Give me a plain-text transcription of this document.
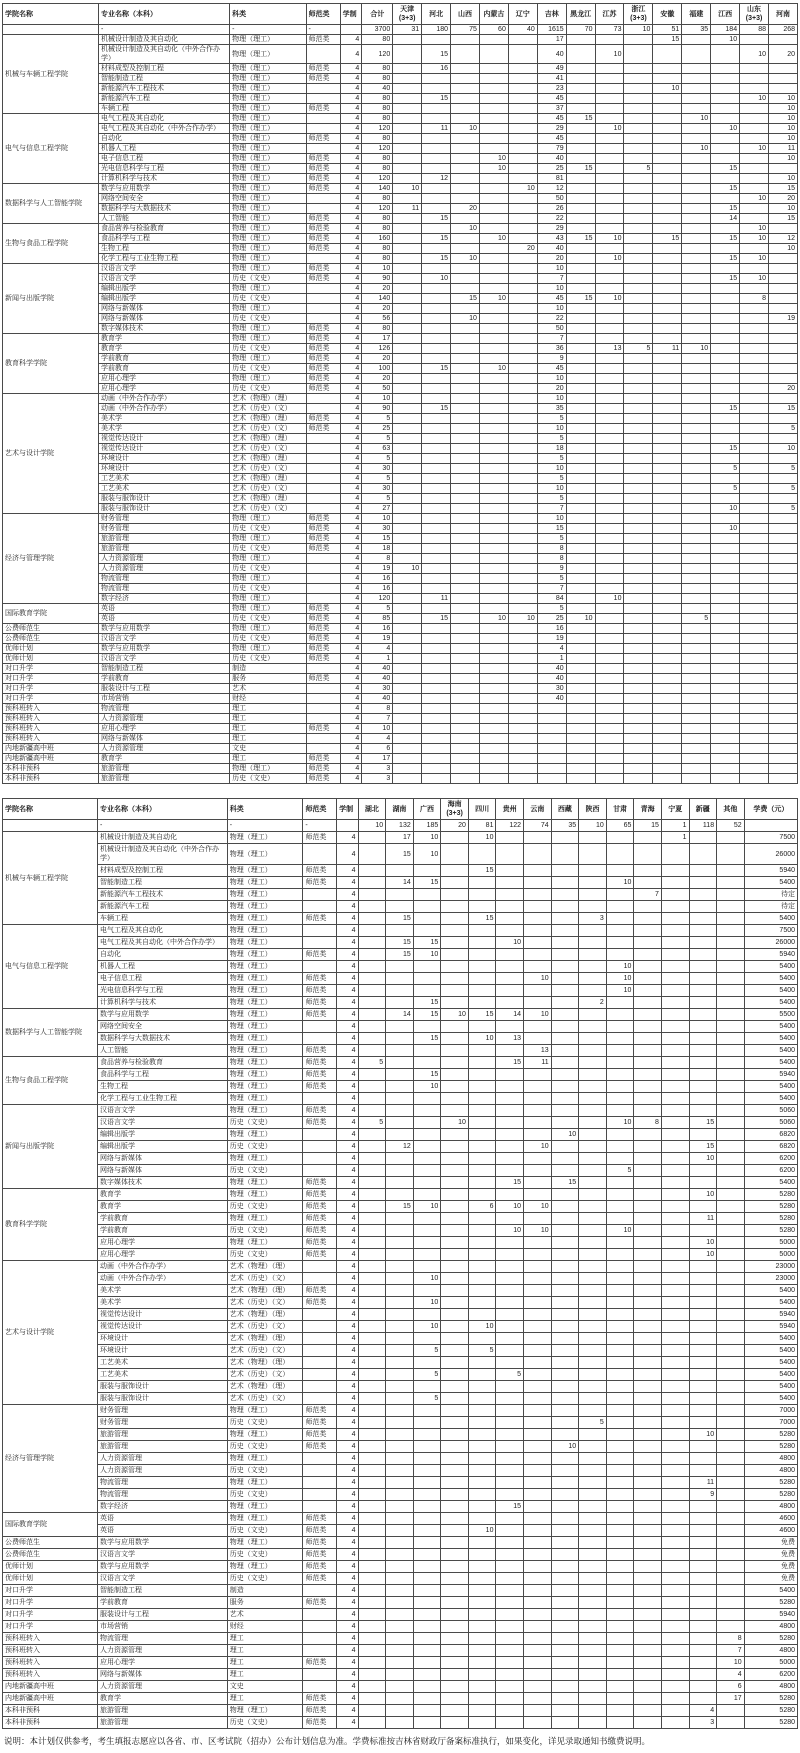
学院名称	专业名称（本科）	科类	师范类	学制	合计	天津
(3+3)	河北	山西	内蒙古	辽宁	吉林	黑龙江	江苏	浙江
(3+3)	安徽	福建	江西	山东
(3+3)	河南
	-	-	-		3700	31	180	75	60	40	1615	70	73	10	51	35	184	88	268
机械与车辆工程学院	机械设计制造及其自动化	物理（理工）	师范类	4	80						17				15		10		
	机械设计制造及其自动化（中外合作办学）	物理（理工）		4	120		15				40		10					10	20
	材料成型及控制工程	物理（理工）	师范类	4	80		16				49								
	智能制造工程	物理（理工）	师范类	4	80						41								
	新能源汽车工程技术	物理（理工）		4	40						23				10				
	新能源汽车工程	物理（理工）		4	80		15				45							10	10
	车辆工程	物理（理工）	师范类	4	80						37								10
电气与信息工程学院	电气工程及其自动化	物理（理工）		4	80						45	15				10			10
	电气工程及其自动化（中外合作办学）	物理（理工）		4	120		11	10			29		10				10		10
	自动化	物理（理工）	师范类	4	80						45								10
	机器人工程	物理（理工）		4	120						79					10		10	11
	电子信息工程	物理（理工）	师范类	4	80				10		40								10
	光电信息科学与工程	物理（理工）	师范类	4	80				10		25	15		5			15		
	计算机科学与技术	物理（理工）	师范类	4	120		12				81								10
数据科学与人工智能学院	数学与应用数学	物理（理工）	师范类	4	140	10				10	12						15		15
	网络空间安全	物理（理工）		4	80						50							10	20
	数据科学与大数据技术	物理（理工）		4	120	11		20			26						15		10
	人工智能	物理（理工）	师范类	4	80		15				22						14		15
生物与食品工程学院	食品营养与检验教育	物理（理工）	师范类	4	80			10			29							10	
	食品科学与工程	物理（理工）	师范类	4	160		15		10		43	15	10		15		15	10	12
	生物工程	物理（理工）	师范类	4	80					20	40								10
	化学工程与工业生物工程	物理（理工）		4	80		15	10			20		10				15	10	
新闻与出版学院	汉语言文学	物理（理工）	师范类	4	10						10								
	汉语言文学	历史（文史）	师范类	4	90		10				7						15	10	
	编辑出版学	物理（理工）		4	20						10								
	编辑出版学	历史（文史）		4	140			15	10		45	15	10					8	
	网络与新媒体	物理（理工）		4	20						10								
	网络与新媒体	历史（文史）		4	56			10			22								19
	数字媒体技术	物理（理工）	师范类	4	80						50								
教育科学学院	教育学	物理（理工）	师范类	4	17						7								
	教育学	历史（文史）	师范类	4	126						36		13	5	11	10			
	学前教育	物理（理工）	师范类	4	20						9								
	学前教育	历史（文史）	师范类	4	100		15		10		45								
	应用心理学	物理（理工）	师范类	4	20						10								
	应用心理学	历史（文史）	师范类	4	50						20								20
艺术与设计学院	动画（中外合作办学）	艺术（物理）（理）		4	10						10								
	动画（中外合作办学）	艺术（历史）（文）		4	90		15				35						15		15
	美术学	艺术（物理）（理）	师范类	4	5						5								
	美术学	艺术（历史）（文）	师范类	4	25						10								5
	视觉传达设计	艺术（物理）（理）		4	5						5								
	视觉传达设计	艺术（历史）（文）		4	63						18						15		10
	环境设计	艺术（物理）（理）		4	5						5								
	环境设计	艺术（历史）（文）		4	30						10						5		5
	工艺美术	艺术（物理）（理）		4	5						5								
	工艺美术	艺术（历史）（文）		4	30						10						5		5
	服装与服饰设计	艺术（物理）（理）		4	5						5								
	服装与服饰设计	艺术（历史）（文）		4	27						7						10		5
经济与管理学院	财务管理	物理（理工）	师范类	4	10						10								
	财务管理	历史（文史）	师范类	4	30						15						10		
	旅游管理	物理（理工）	师范类	4	15						5								
	旅游管理	历史（文史）	师范类	4	18						8								
	人力资源管理	物理（理工）		4	8						8								
	人力资源管理	历史（文史）		4	19	10					9								
	物流管理	物理（理工）		4	16						5								
	物流管理	历史（文史）		4	16						7								
	数字经济	物理（理工）		4	120		11				84		10						
国际教育学院	英语	物理（理工）	师范类	4	5						5								
	英语	历史（文史）	师范类	4	85		15		10	10	25	10				5			
公费师范生	数学与应用数学	物理（理工）	师范类	4	16						16								
公费师范生	汉语言文学	历史（文史）	师范类	4	19						19								
优师计划	数学与应用数学	物理（理工）	师范类	4	4						4								
优师计划	汉语言文学	历史（文史）	师范类	4	1						1								
对口升学	智能制造工程	制造		4	40						40								
对口升学	学前教育	服务	师范类	4	40						40								
对口升学	服装设计与工程	艺术		4	30						30								
对口升学	市场营销	财经		4	40						40								
预科班转入	物流管理	理工		4	8														
预科班转入	人力资源管理	理工		4	7														
预科班转入	应用心理学	理工	师范类	4	10														
预科班转入	网络与新媒体	理工		4	4														
内地新疆高中班	人力资源管理	文史		4	6														
内地新疆高中班	教育学	理工	师范类	4	17														
本科非预科	旅游管理	物理（理工）	师范类	4	3														
本科非预科	旅游管理	历史（文史）	师范类	4	3														
学院名称	专业名称（本科）	科类	师范类	学制	湖北	湖南	广西	海南
(3+3)	四川	贵州	云南	西藏	陕西	甘肃	青海	宁夏	新疆	其他	学费（元）
	-	-	-		10	132	185	20	81	122	74	35	10	65	15	1	118	52	
机械与车辆工程学院	机械设计制造及其自动化	物理（理工）	师范类	4		17	10		10							1			7500
	机械设计制造及其自动化（中外合作办学）	物理（理工）		4		15	10												26000
	材料成型及控制工程	物理（理工）	师范类	4					15										5940
	智能制造工程	物理（理工）	师范类	4		14	15							10					5400
	新能源汽车工程技术	物理（理工）		4											7				待定
	新能源汽车工程	物理（理工）		4															待定
	车辆工程	物理（理工）	师范类	4		15			15				3						5400
电气与信息工程学院	电气工程及其自动化	物理（理工）		4															7500
	电气工程及其自动化（中外合作办学）	物理（理工）		4		15	15			10									26000
	自动化	物理（理工）	师范类	4		15	10												5940
	机器人工程	物理（理工）		4										10					5400
	电子信息工程	物理（理工）	师范类	4							10			10					5400
	光电信息科学与工程	物理（理工）	师范类	4										10					5400
	计算机科学与技术	物理（理工）	师范类	4			15						2						5400
数据科学与人工智能学院	数学与应用数学	物理（理工）	师范类	4		14	15	10	15	14	10								5500
	网络空间安全	物理（理工）		4															5400
	数据科学与大数据技术	物理（理工）		4			15		10	13									5400
	人工智能	物理（理工）	师范类	4							13								5400
生物与食品工程学院	食品营养与检验教育	物理（理工）	师范类	4	5					15	11								5400
	食品科学与工程	物理（理工）	师范类	4			15												5940
	生物工程	物理（理工）	师范类	4			10												5400
	化学工程与工业生物工程	物理（理工）		4															5400
新闻与出版学院	汉语言文学	物理（理工）	师范类	4															5060
	汉语言文学	历史（文史）	师范类	4	5			10						10	8		15		5060
	编辑出版学	物理（理工）		4								10							6820
	编辑出版学	历史（文史）		4		12					10						15		6820
	网络与新媒体	物理（理工）		4													10		6200
	网络与新媒体	历史（文史）		4										5					6200
	数字媒体技术	物理（理工）	师范类	4						15		15							5400
教育科学学院	教育学	物理（理工）	师范类	4													10		5280
	教育学	历史（文史）	师范类	4		15	10		6	10	10								5280
	学前教育	物理（理工）	师范类	4													11		5280
	学前教育	历史（文史）	师范类	4						10	10			10					5280
	应用心理学	物理（理工）	师范类	4													10		5000
	应用心理学	历史（文史）	师范类	4													10		5000
艺术与设计学院	动画（中外合作办学）	艺术（物理）（理）		4															23000
	动画（中外合作办学）	艺术（历史）（文）		4			10												23000
	美术学	艺术（物理）（理）	师范类	4															5400
	美术学	艺术（历史）（文）	师范类	4			10												5400
	视觉传达设计	艺术（物理）（理）		4															5940
	视觉传达设计	艺术（历史）（文）		4			10		10										5940
	环境设计	艺术（物理）（理）		4															5400
	环境设计	艺术（历史）（文）		4			5		5										5400
	工艺美术	艺术（物理）（理）		4															5400
	工艺美术	艺术（历史）（文）		4			5			5									5400
	服装与服饰设计	艺术（物理）（理）		4															5400
	服装与服饰设计	艺术（历史）（文）		4			5												5400
经济与管理学院	财务管理	物理（理工）	师范类	4															7000
	财务管理	历史（文史）	师范类	4									5						7000
	旅游管理	物理（理工）	师范类	4													10		5280
	旅游管理	历史（文史）	师范类	4								10							5280
	人力资源管理	物理（理工）		4															4800
	人力资源管理	历史（文史）		4															4800
	物流管理	物理（理工）		4													11		5280
	物流管理	历史（文史）		4													9		5280
	数字经济	物理（理工）		4						15									4800
国际教育学院	英语	物理（理工）	师范类	4															4600
	英语	历史（文史）	师范类	4					10										4600
公费师范生	数学与应用数学	物理（理工）	师范类	4															免费
公费师范生	汉语言文学	历史（文史）	师范类	4															免费
优师计划	数学与应用数学	物理（理工）	师范类	4															免费
优师计划	汉语言文学	历史（文史）	师范类	4															免费
对口升学	智能制造工程	制造		4															5400
对口升学	学前教育	服务	师范类	4															5280
对口升学	服装设计与工程	艺术		4															5940
对口升学	市场营销	财经		4															4800
预科班转入	物流管理	理工		4														8	5280
预科班转入	人力资源管理	理工		4														7	4800
预科班转入	应用心理学	理工	师范类	4														10	5000
预科班转入	网络与新媒体	理工		4														4	6200
内地新疆高中班	人力资源管理	文史		4														6	4800
内地新疆高中班	教育学	理工	师范类	4														17	5280
本科非预科	旅游管理	物理（理工）	师范类	4													4		5280
本科非预科	旅游管理	历史（文史）	师范类	4													3		5280
说明：本计划仅供参考，考生填报志愿应以各省、市、区考试院（招办）公布计划信息为准。学费标准按吉林省财政厅备案标准执行，如果变化，详见录取通知书缴费说明。
